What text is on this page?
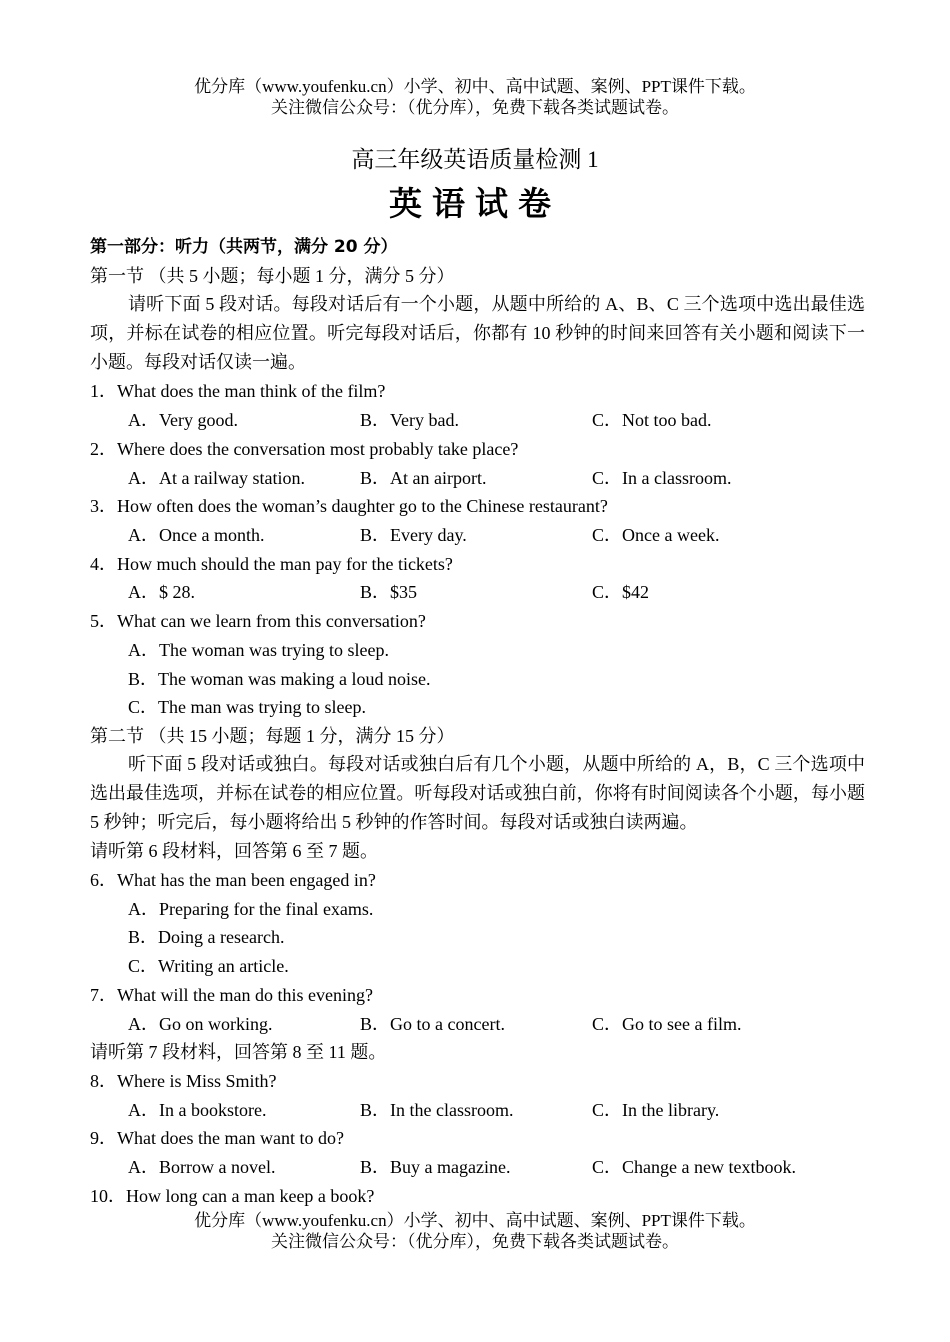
优分库（www.youfenku.cn）小学、初中、高中试题、案例、PPT课件下载。
关注微信公众号：（优分库），免费下载各类试题试卷。
高三年级英语质量检测 1
英语试卷
第一部分：听力（共两节，满分 20 分）
第一节 （共 5 小题；每小题 1 分，满分 5 分）
请听下面 5 段对话。每段对话后有一个小题，从题中所给的 A、B、C 三个选项中选出最佳选项，并标在试卷的相应位置。听完每段对话后，你都有 10 秒钟的时间来回答有关小题和阅读下一小题。每段对话仅读一遍。
1．What does the man think of the film?
A．Very good.	B．Very bad.	C．Not too bad.
2．Where does the conversation most probably take place?
A．At a railway station.	B．At an airport.	C．In a classroom.
3．How often does the woman’s daughter go to the Chinese restaurant?
A．Once a month.	B．Every day.	C．Once a week.
4．How much should the man pay for the tickets?
A．$ 28.	B．$35	C．$42
5．What can we learn from this conversation?
A．The woman was trying to sleep.
B．The woman was making a loud noise.
C．The man was trying to sleep.
第二节 （共 15 小题；每题 1 分，满分 15 分）
听下面 5 段对话或独白。每段对话或独白后有几个小题，从题中所给的 A，B，C 三个选项中选出最佳选项，并标在试卷的相应位置。听每段对话或独白前，你将有时间阅读各个小题，每小题 5 秒钟；听完后，每小题将给出 5 秒钟的作答时间。每段对话或独白读两遍。
请听第 6 段材料，回答第 6 至 7 题。
6．What has the man been engaged in?
A．Preparing for the final exams.
B．Doing a research.
C．Writing an article.
7．What will the man do this evening?
A．Go on working.	B．Go to a concert.	C．Go to see a film.
请听第 7 段材料，回答第 8 至 11 题。
8．Where is Miss Smith?
A．In a bookstore.	B．In the classroom.	C．In the library.
9．What does the man want to do?
A．Borrow a novel.	B．Buy a magazine.	C．Change a new textbook.
10．How long can a man keep a book?
优分库（www.youfenku.cn）小学、初中、高中试题、案例、PPT课件下载。
关注微信公众号：（优分库），免费下载各类试题试卷。
